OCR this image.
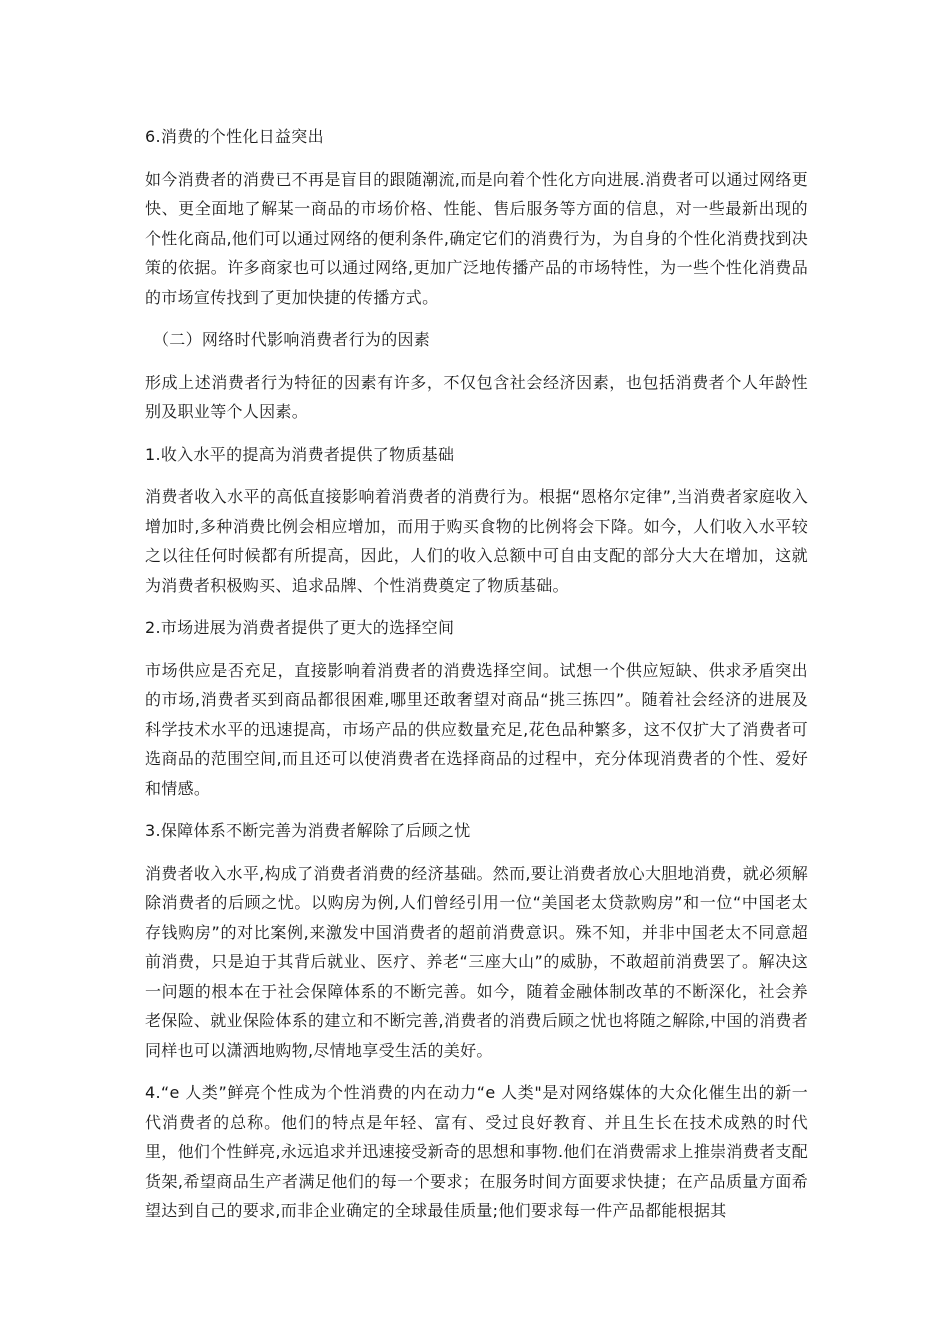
6.消费的个性化日益突出

如今消费者的消费已不再是盲目的跟随潮流,而是向着个性化方向进展.消费者可以通过网络更快、更全面地了解某一商品的市场价格、性能、售后服务等方面的信息，对一些最新出现的个性化商品,他们可以通过网络的便利条件,确定它们的消费行为，为自身的个性化消费找到决策的依据。许多商家也可以通过网络,更加广泛地传播产品的市场特性，为一些个性化消费品的市场宣传找到了更加快捷的传播方式。

（二）网络时代影响消费者行为的因素

形成上述消费者行为特征的因素有许多，不仅包含社会经济因素，也包括消费者个人年龄性别及职业等个人因素。

1.收入水平的提高为消费者提供了物质基础

消费者收入水平的高低直接影响着消费者的消费行为。根据“恩格尔定律”,当消费者家庭收入增加时,多种消费比例会相应增加，而用于购买食物的比例将会下降。如今，人们收入水平较之以往任何时候都有所提高，因此，人们的收入总额中可自由支配的部分大大在增加，这就为消费者积极购买、追求品牌、个性消费奠定了物质基础。

2.市场进展为消费者提供了更大的选择空间

市场供应是否充足，直接影响着消费者的消费选择空间。试想一个供应短缺、供求矛盾突出的市场,消费者买到商品都很困难,哪里还敢奢望对商品“挑三拣四”。随着社会经济的进展及科学技术水平的迅速提高，市场产品的供应数量充足,花色品种繁多，这不仅扩大了消费者可选商品的范围空间,而且还可以使消费者在选择商品的过程中，充分体现消费者的个性、爱好和情感。

3.保障体系不断完善为消费者解除了后顾之忧

消费者收入水平,构成了消费者消费的经济基础。然而,要让消费者放心大胆地消费，就必须解除消费者的后顾之忧。以购房为例,人们曾经引用一位“美国老太贷款购房”和一位“中国老太存钱购房”的对比案例,来激发中国消费者的超前消费意识。殊不知，并非中国老太不同意超前消费，只是迫于其背后就业、医疗、养老“三座大山”的威胁，不敢超前消费罢了。解决这一问题的根本在于社会保障体系的不断完善。如今，随着金融体制改革的不断深化，社会养老保险、就业保险体系的建立和不断完善,消费者的消费后顾之忧也将随之解除,中国的消费者同样也可以潇洒地购物,尽情地享受生活的美好。

4.“e 人类”鲜亮个性成为个性消费的内在动力“e 人类"是对网络媒体的大众化催生出的新一代消费者的总称。他们的特点是年轻、富有、受过良好教育、并且生长在技术成熟的时代里，他们个性鲜亮,永远追求并迅速接受新奇的思想和事物.他们在消费需求上推崇消费者支配货架,希望商品生产者满足他们的每一个要求；在服务时间方面要求快捷；在产品质量方面希望达到自己的要求,而非企业确定的全球最佳质量;他们要求每一件产品都能根据其
